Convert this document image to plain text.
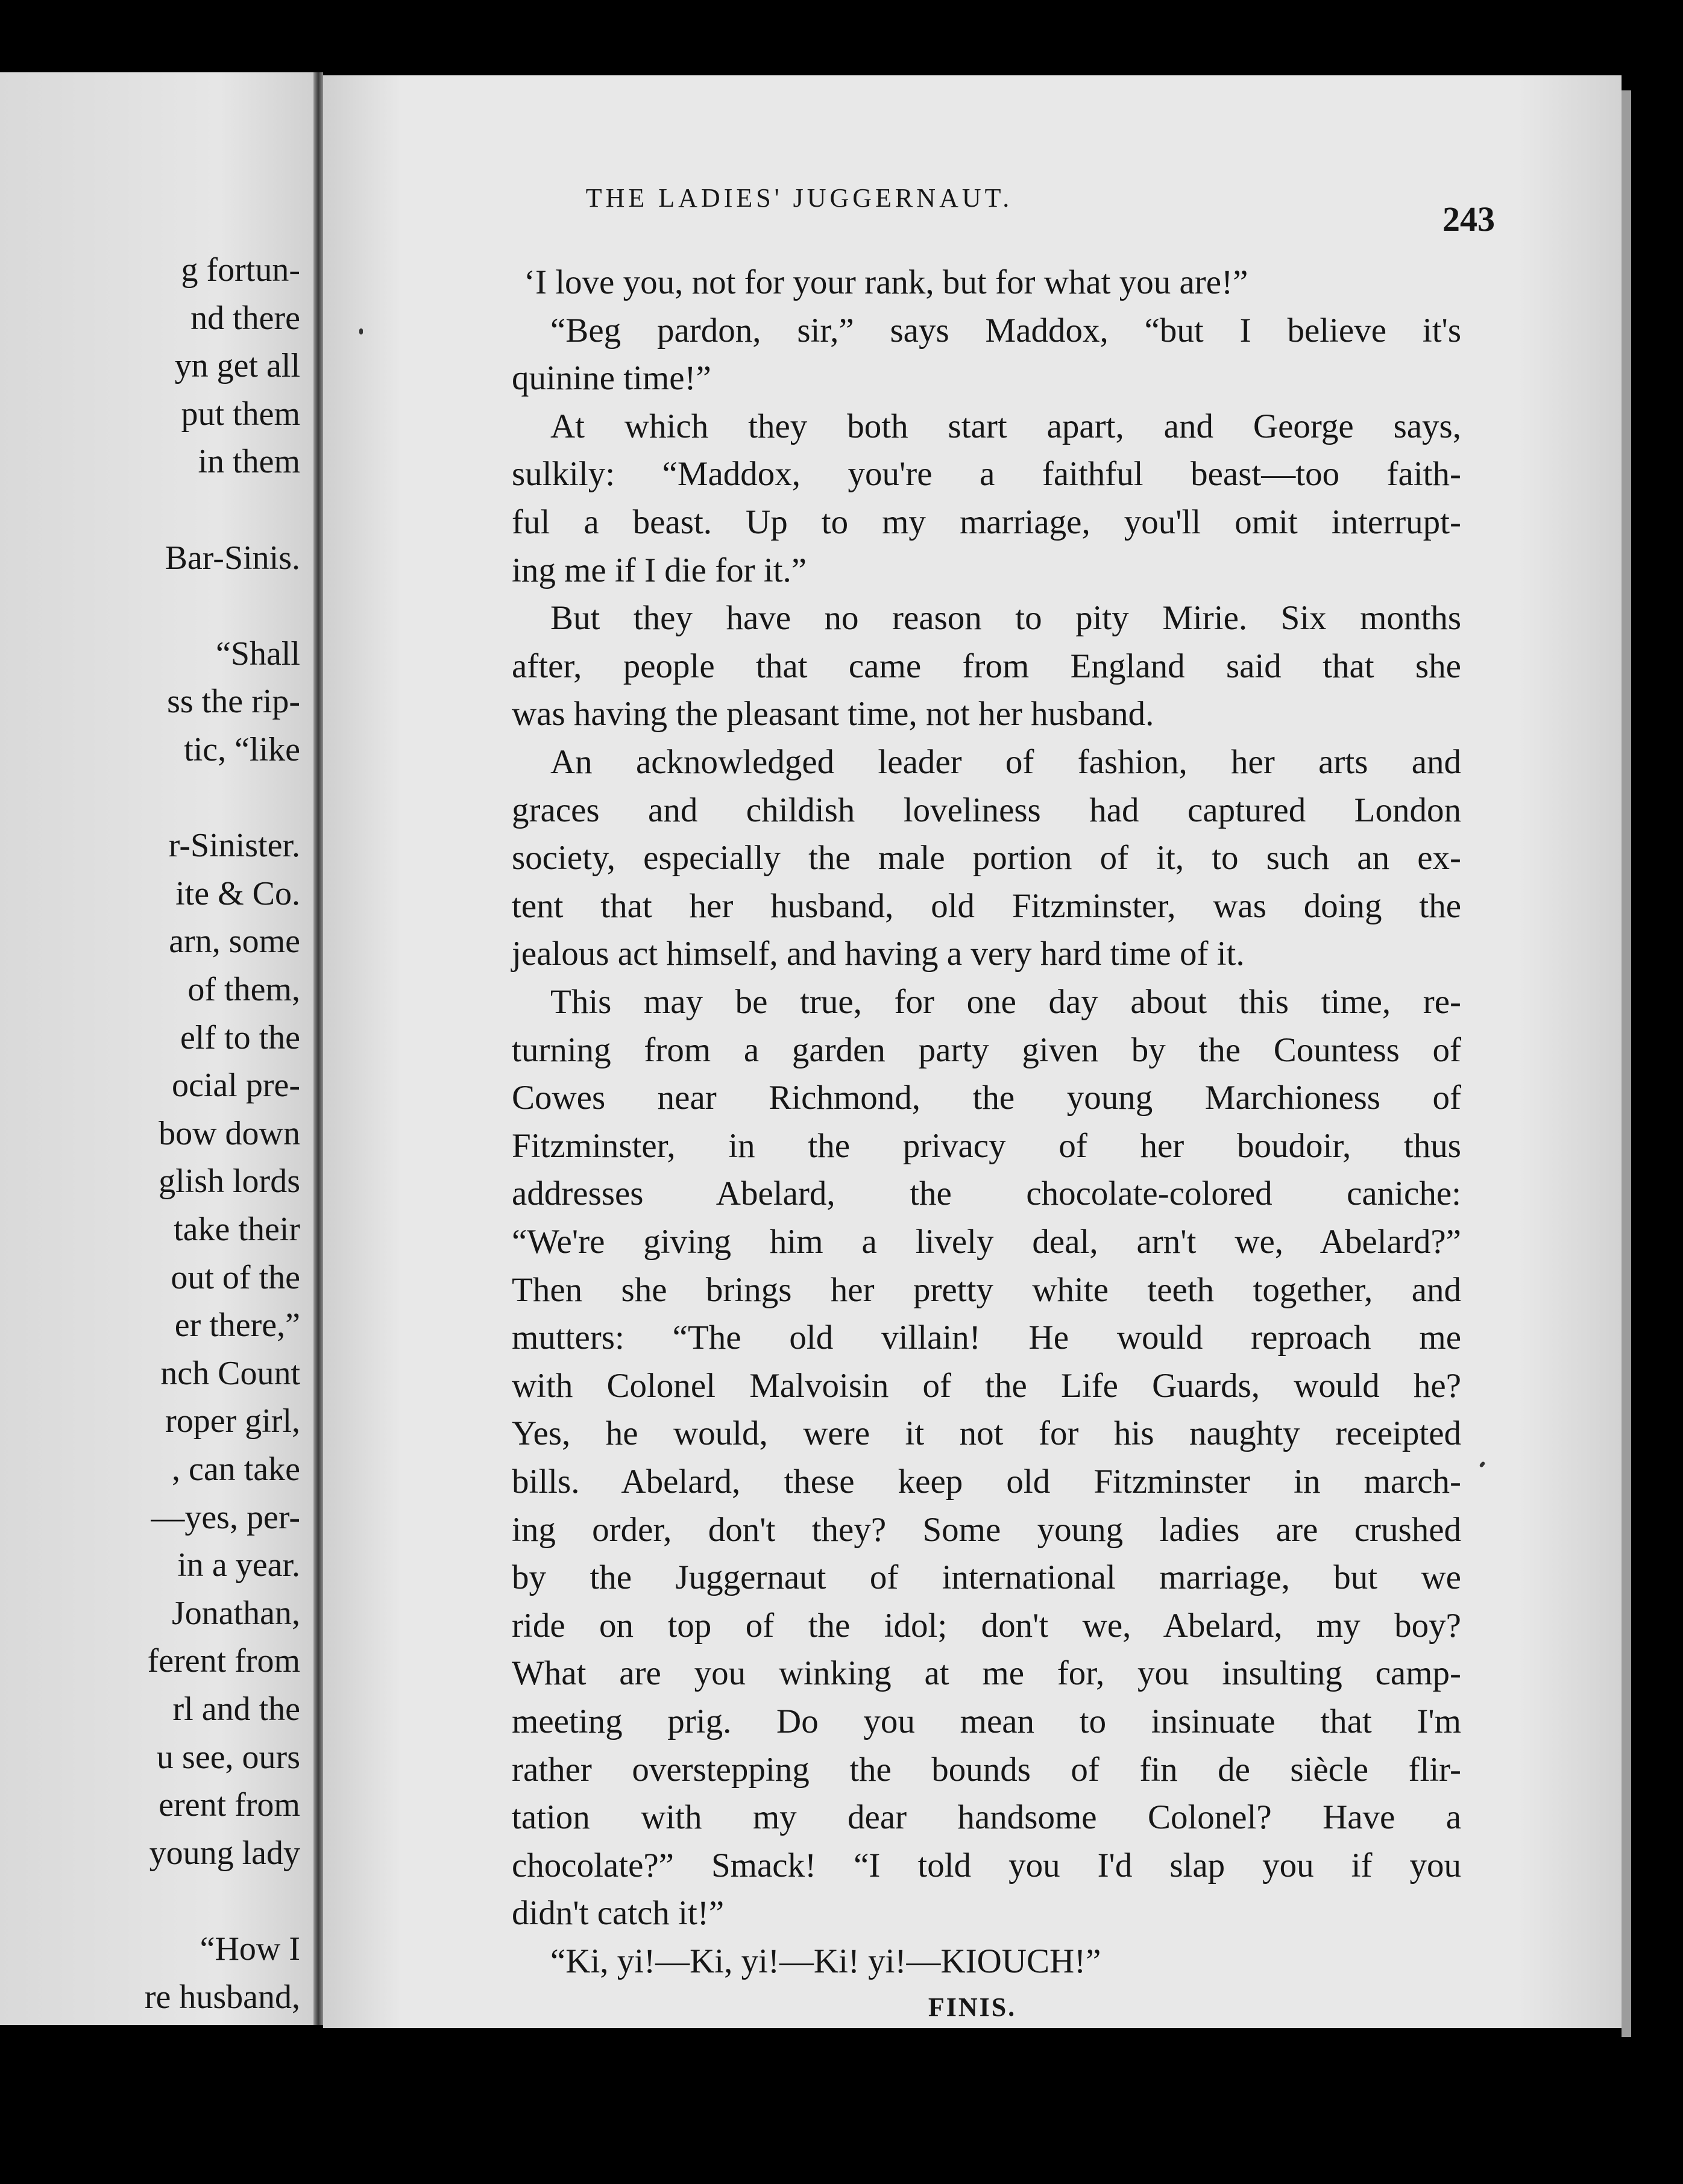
g fortun-
nd there
yn get all
put them
in them
Bar-Sinis.
“Shall
ss the rip-
tic, “like
r-Sinister.
ite & Co.
arn, some
of them,
elf to the
ocial pre-
bow down
glish lords
take their
out of the
er there,”
nch Count
roper girl,
, can take
—yes, per-
in a year.
Jonathan,
ferent from
rl and the
u see, ours
erent from
young lady
“How I
re husband,
THE LADIES' JUGGERNAUT.
243
‘I love you, not for your rank, but for what you are!”
“Beg pardon, sir,” says Maddox, “but I believe it's
quinine time!”
At which they both start apart, and George says,
sulkily: “Maddox, you're a faithful beast—too faith-
ful a beast. Up to my marriage, you'll omit interrupt-
ing me if I die for it.”
But they have no reason to pity Mirie. Six months
after, people that came from England said that she
was having the pleasant time, not her husband.
An acknowledged leader of fashion, her arts and
graces and childish loveliness had captured London
society, especially the male portion of it, to such an ex-
tent that her husband, old Fitzminster, was doing the
jealous act himself, and having a very hard time of it.
This may be true, for one day about this time, re-
turning from a garden party given by the Countess of
Cowes near Richmond, the young Marchioness of
Fitzminster, in the privacy of her boudoir, thus
addresses Abelard, the chocolate-colored caniche:
“We're giving him a lively deal, arn't we, Abelard?”
Then she brings her pretty white teeth together, and
mutters: “The old villain! He would reproach me
with Colonel Malvoisin of the Life Guards, would he?
Yes, he would, were it not for his naughty receipted
bills. Abelard, these keep old Fitzminster in march-
ing order, don't they? Some young ladies are crushed
by the Juggernaut of international marriage, but we
ride on top of the idol; don't we, Abelard, my boy?
What are you winking at me for, you insulting camp-
meeting prig. Do you mean to insinuate that I'm
rather overstepping the bounds of fin de siècle flir-
tation with my dear handsome Colonel? Have a
chocolate?” Smack! “I told you I'd slap you if you
didn't catch it!”
“Ki, yi!—Ki, yi!—Ki! yi!—KIOUCH!”
FINIS.
